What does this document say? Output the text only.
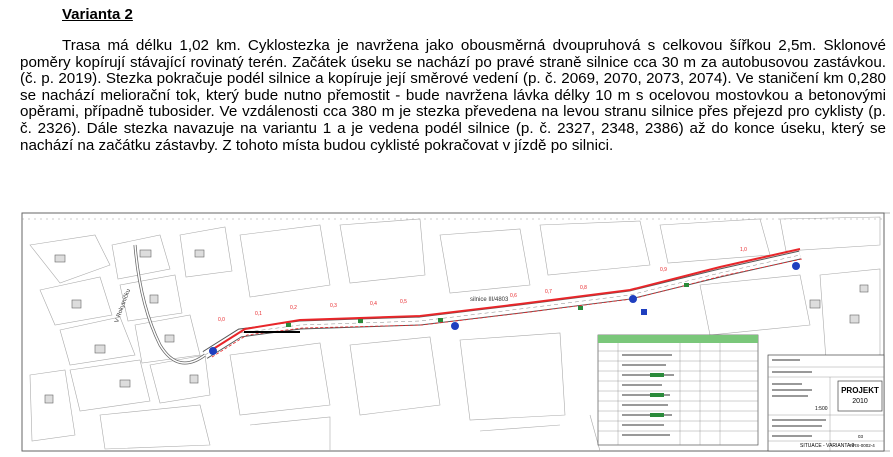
Varianta 2
Trasa má délku 1,02 km. Cyklostezka je navržena jako obousměrná dvoupruhová s celkovou šířkou 2,5m. Sklonové poměry kopírují stávající rovinatý terén. Začátek úseku se nachází po pravé straně silnice cca 30 m za autobusovou zastávkou. (č. p. 2019). Stezka pokračuje podél silnice a kopíruje její směrové vedení (p. č. 2069, 2070, 2073, 2074). Ve staničení km 0,280 se nachází meliorační tok, který bude nutno přemostit - bude navržena lávka délky 10 m s ocelovou mostovkou a betonovými opěrami, případně tubosider. Ve vzdálenosti cca 380 m je stezka převedena na levou stranu silnice přes přejezd pro cyklisty (p. č. 2326). Dále stezka navazuje na variantu 1 a je vedena podél silnice (p. č. 2327, 2348, 2386) až do konce úseku, který se nachází na začátku zástavby. Z tohoto místa budou cyklisté pokračovat v jízdě po silnici.
V Rokytníčku	silnice III/4803
0,0
0,1
0,2	0,3	0,4	0,5
0,6
0,7
0,8
0,9
1,0
PROJEKT
2010
1:500
SITUACE - VARIANTA 2
PRS-0002-4
03
